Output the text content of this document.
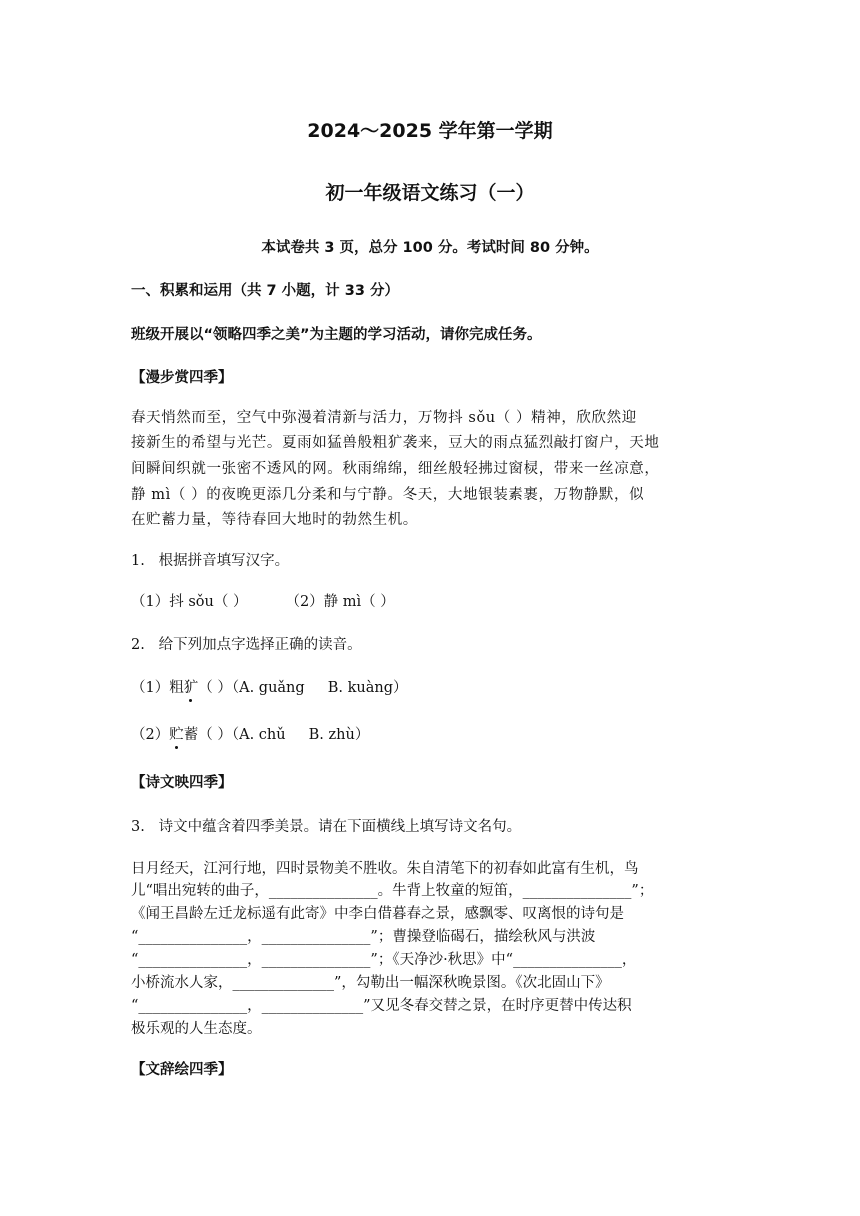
2024～2025 学年第一学期
初一年级语文练习（一）
本试卷共 3 页，总分 100 分。考试时间 80 分钟。
一、积累和运用（共 7 小题，计 33 分）
班级开展以“领略四季之美”为主题的学习活动，请你完成任务。
【漫步赏四季】
春天悄然而至，空气中弥漫着清新与活力，万物抖 sǒu（ ）精神，欣欣然迎
接新生的希望与光芒。夏雨如猛兽般粗犷袭来，豆大的雨点猛烈敲打窗户，天地
间瞬间织就一张密不透风的网。秋雨绵绵，细丝般轻拂过窗棂，带来一丝凉意，
静 mì（ ）的夜晚更添几分柔和与宁静。冬天，大地银装素裹，万物静默，似
在贮蓄力量，等待春回大地时的勃然生机。
1.   根据拼音填写汉字。
（1）抖 sǒu（ ）	（2）静 mì（ ）
2.   给下列加点字选择正确的读音。
（1）粗犷（ ）（A. guǎng     B. kuàng）
（2）贮蓄（ ）（A. chǔ     B. zhù）
【诗文映四季】
3.   诗文中蕴含着四季美景。请在下面横线上填写诗文名句。
日月经天，江河行地，四时景物美不胜收。朱自清笔下的初春如此富有生机，鸟
儿“唱出宛转的曲子，_______________。牛背上牧童的短笛，_______________”；
《闻王昌龄左迁龙标遥有此寄》中李白借暮春之景，感飘零、叹离恨的诗句是
“_______________，_______________”；曹操登临碣石，描绘秋风与洪波
“_______________，_______________”；《天净沙·秋思》中“_______________，
小桥流水人家，______________”，勾勒出一幅深秋晚景图。《次北固山下》
“_______________，______________”又见冬春交替之景，在时序更替中传达积
极乐观的人生态度。
【文辞绘四季】
